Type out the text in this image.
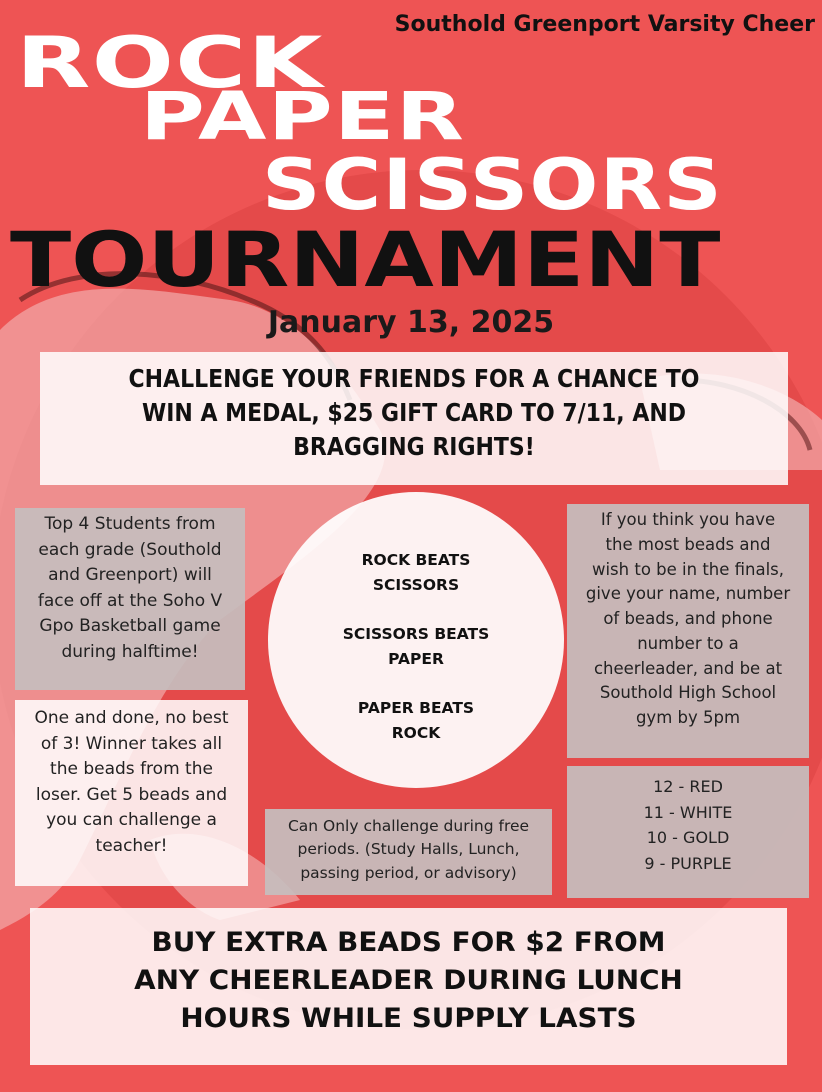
Southold Greenport Varsity Cheer
ROCK
PAPER
SCISSORS
TOURNAMENT
January 13, 2025

CHALLENGE YOUR FRIENDS FOR A CHANCE TO
WIN A MEDAL, $25 GIFT CARD TO 7/11, AND
BRAGGING RIGHTS!

Top 4 Students from
each grade (Southold
and Greenport) will
face off at the Soho V
Gpo Basketball game
during halftime!

One and done, no best
of 3! Winner takes all
the beads from the
loser. Get 5 beads and
you can challenge a
teacher!

ROCK BEATS
SCISSORS
SCISSORS BEATS
PAPER
PAPER BEATS
ROCK

If you think you have
the most beads and
wish to be in the finals,
give your name, number
of beads, and phone
number to a
cheerleader, and be at
Southold High School
gym by 5pm

12 - RED
11 - WHITE
10 - GOLD
9 - PURPLE

Can Only challenge during free
periods. (Study Halls, Lunch,
passing period, or advisory)

BUY EXTRA BEADS FOR $2 FROM
ANY CHEERLEADER DURING LUNCH
HOURS WHILE SUPPLY LASTS
